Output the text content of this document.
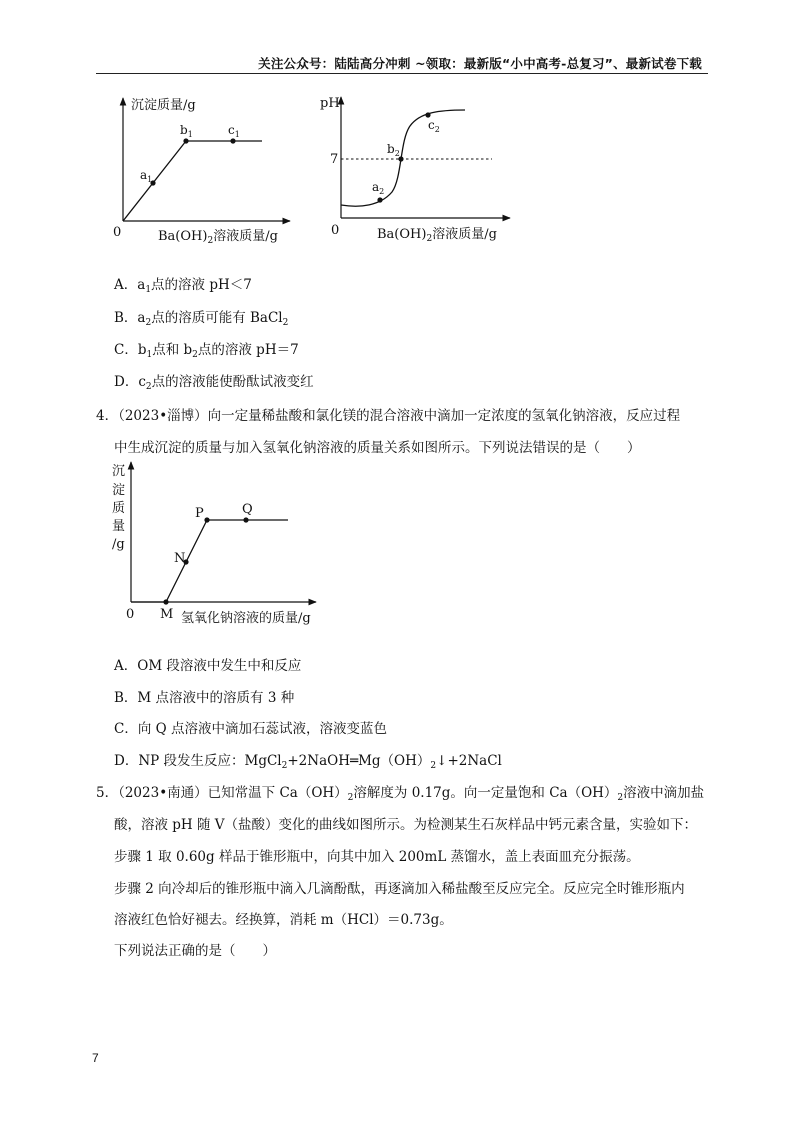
关注公众号：陆陆高分冲刺 ~领取：最新版“小中高考-总复习”、最新试卷下载
沉淀质量/g
0	$Ba(OH)_2$溶液质量/g
$a_1$
$b_1$	$c_1$
pH
7
0	$Ba(OH)_2$溶液质量/g
$a_2$
$b_2$
$c_2$
A．$a_1$点的溶液 pH＜7
B．$a_2$点的溶质可能有 BaCl$_2$
C．$b_1$点和 $b_2$点的溶液 pH＝7
D．$c_2$点的溶液能使酚酞试液变红
4．（2023•淄博）向一定量稀盐酸和氯化镁的混合溶液中滴加一定浓度的氢氧化钠溶液，反应过程
中生成沉淀的质量与加入氢氧化钠溶液的质量关系如图所示。下列说法错误的是（　　）
沉
淀
质
量
/g
0	氢氧化钠溶液的质量/g
M
N
P	Q
A．OM 段溶液中发生中和反应
B．M 点溶液中的溶质有 3 种
C．向 Q 点溶液中滴加石蕊试液，溶液变蓝色
D．NP 段发生反应：$MgCl_2+2NaOH═Mg(OH)_2↓+2NaCl$
5．（2023•南通）已知常温下 $Ca(OH)_2$溶解度为 0.17g。向一定量饱和 $Ca(OH)_2$溶液中滴加盐
酸，溶液 pH 随 V（盐酸）变化的曲线如图所示。为检测某生石灰样品中钙元素含量，实验如下：
步骤 1 取 0.60g 样品于锥形瓶中，向其中加入 200mL 蒸馏水，盖上表面皿充分振荡。
步骤 2 向冷却后的锥形瓶中滴入几滴酚酞，再逐滴加入稀盐酸至反应完全。反应完全时锥形瓶内
溶液红色恰好褪去。经换算，消耗 m（HCl）＝0.73g。
下列说法正确的是（　　）
7
